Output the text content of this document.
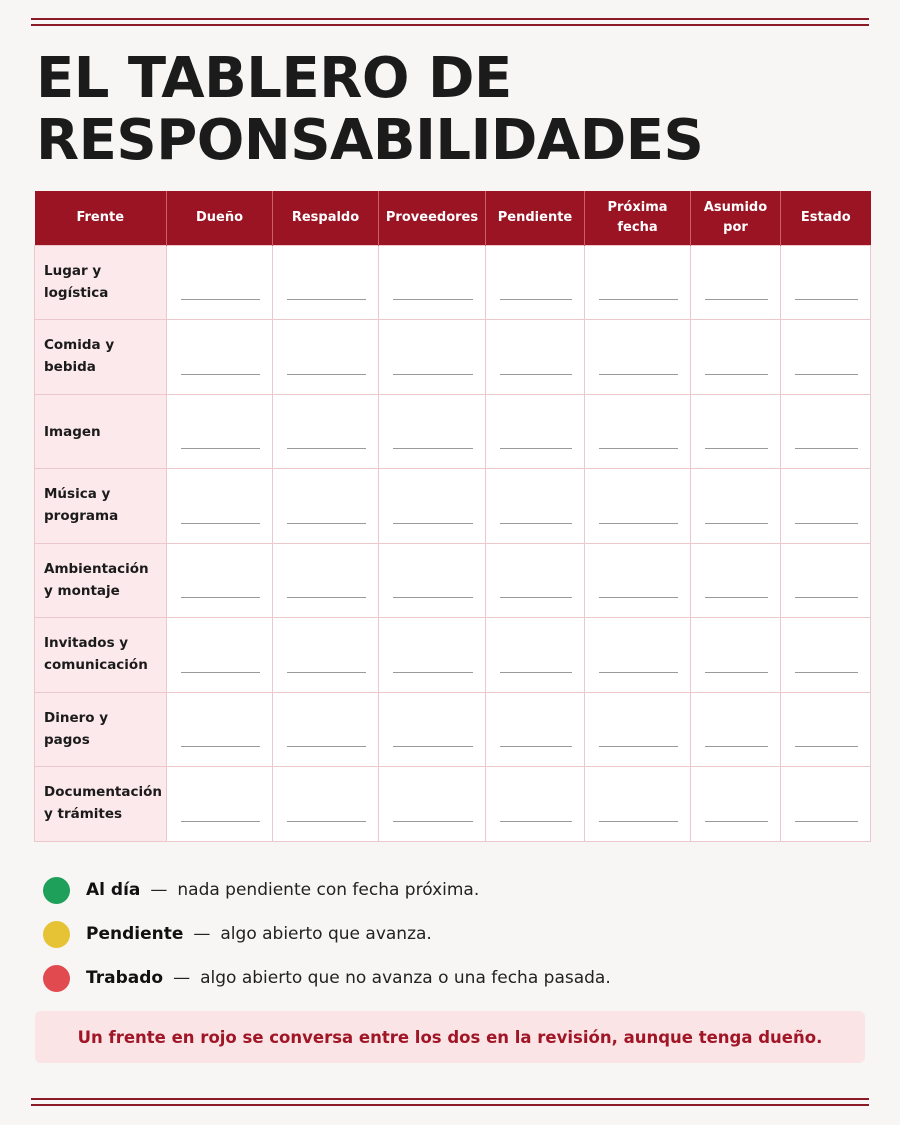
EL TABLERO DE
RESPONSABILIDADES
Frente	Dueño	Respaldo	Proveedores	Pendiente	Próxima fecha	Asumido por	Estado

Lugar y
logística							

Comida y
bebida							

Imagen							

Música y
programa							

Ambientación
y montaje							

Invitados y
comunicación							

Dinero y
pagos							

Documentación
y trámites							

Al día — nada pendiente con fecha próxima.
Pendiente — algo abierto que avanza.
Trabado — algo abierto que no avanza o una fecha pasada.
Un frente en rojo se conversa entre los dos en la revisión, aunque tenga dueño.
